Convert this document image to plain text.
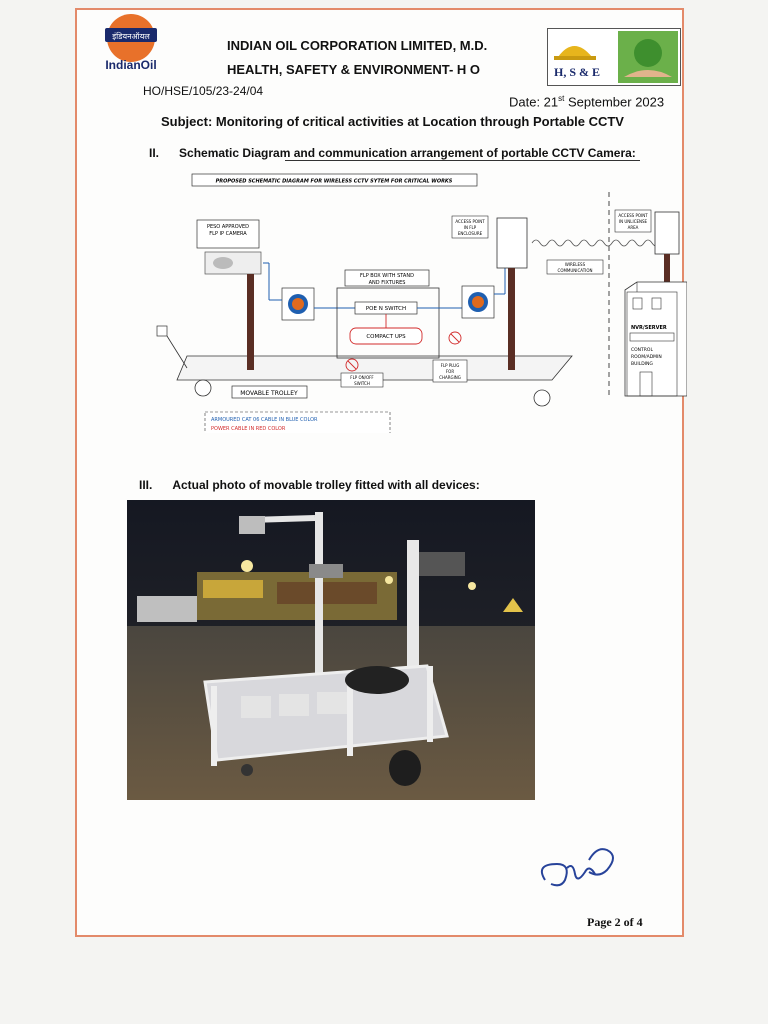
इंडियनऑयल
IndianOil
INDIAN OIL CORPORATION LIMITED, M.D.
HEALTH, SAFETY & ENVIRONMENT- H O	H, S & E
HO/HSE/105/23-24/04
Date: 21st September 2023
Subject: Monitoring of critical activities at Location through Portable CCTV
II. Schematic Diagram and communication arrangement of portable CCTV Camera:
PROPOSED SCHEMATIC DIAGRAM FOR WIRELESS CCTV SYTEM FOR CRITICAL WORKS
MOVABLE TROLLEY
PESO APPROVED
FLP IP CAMERA
FLP BOX WITH STAND
AND FIXTURES
POE N SWITCH
COMPACT UPS
FLP ON/OFF
SWITCH
FLP PLUG
FOR
CHARGING
ACCESS POINT
IN FLP
ENCLOSURE
WIRELESS
COMMUNICATION
ACCESS POINT
IN UNLICENSE
AREA
NVR/SERVER
CONTROL
ROOM/ADMIN
BUILDING
ARMOURED CAT 06 CABLE IN BLUE COLOR
POWER CABLE IN RED COLOR
III. Actual photo of movable trolley fitted with all devices:
Page 2 of 4
